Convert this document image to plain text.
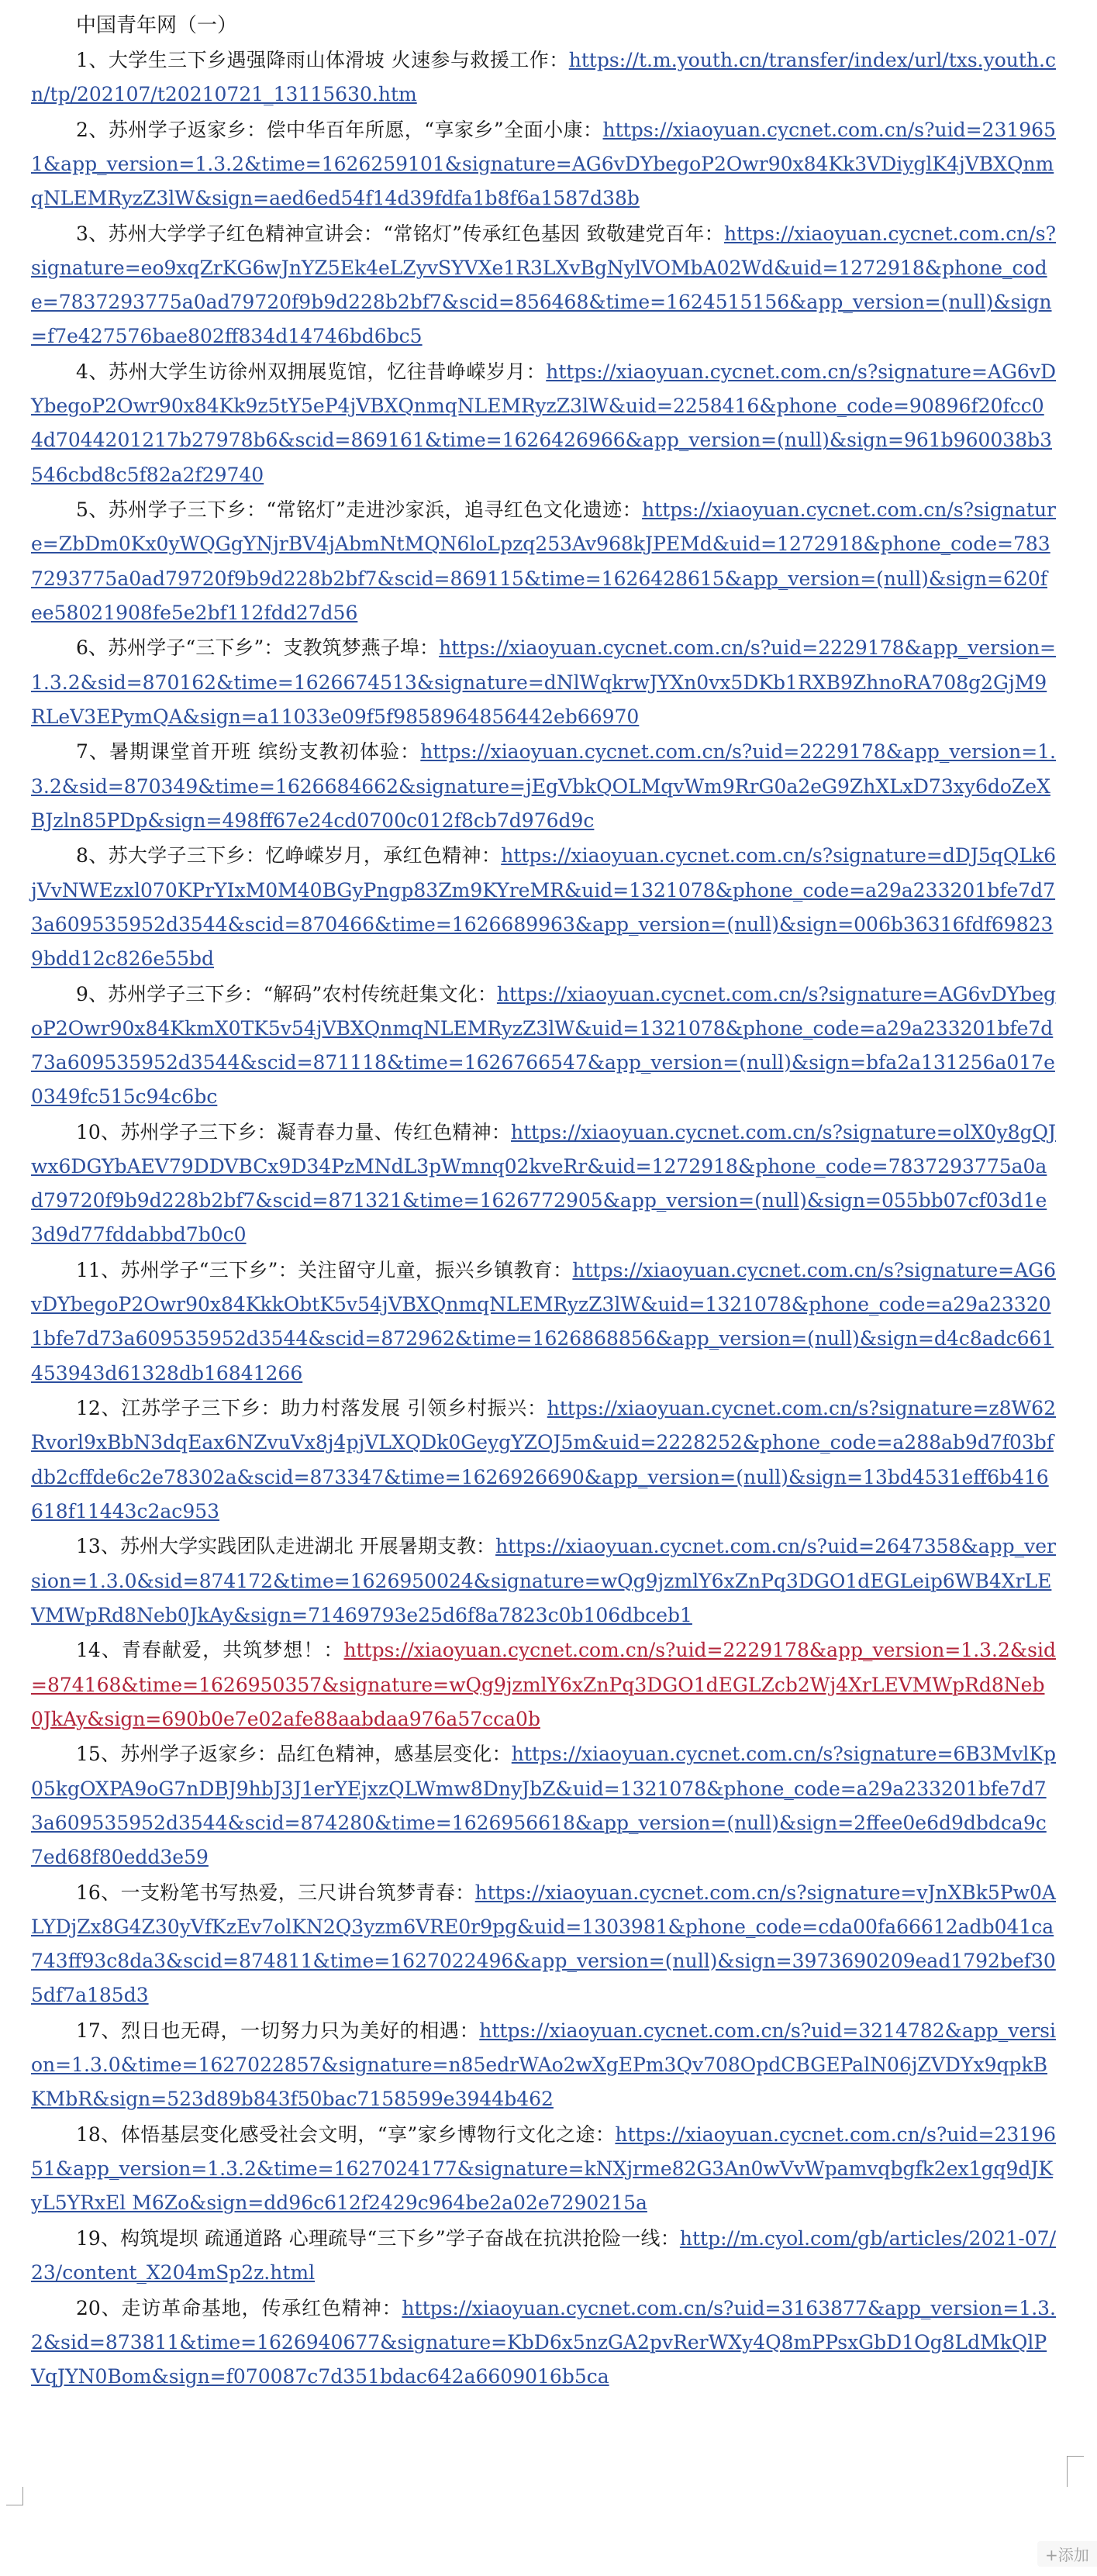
中国青年网（一）

1、大学生三下乡遇强降雨山体滑坡 火速参与救援工作：https://t.m.youth.cn/transfer/index/url/txs.youth.cn/tp/202107/t20210721_13115630.htm

2、苏州学子返家乡：偿中华百年所愿，“享家乡”全面小康：https://xiaoyuan.cycnet.com.cn/s?uid=2319651&app_version=1.3.2&time=1626259101&signature=AG6vDYbegoP2Owr90x84Kk3VDiyglK4jVBXQnmqNLEMRyzZ3lW&sign=aed6ed54f14d39fdfa1b8f6a1587d38b

3、苏州大学学子红色精神宣讲会：“常铭灯”传承红色基因 致敬建党百年：https://xiaoyuan.cycnet.com.cn/s?signature=eo9xqZrKG6wJnYZ5Ek4eLZyvSYVXe1R3LXvBgNylVOMbA02Wd&uid=1272918&phone_code=7837293775a0ad79720f9b9d228b2bf7&scid=856468&time=1624515156&app_version=(null)&sign=f7e427576bae802ff834d14746bd6bc5

4、苏州大学生访徐州双拥展览馆，忆往昔峥嵘岁月：https://xiaoyuan.cycnet.com.cn/s?signature=AG6vDYbegoP2Owr90x84Kk9z5tY5eP4jVBXQnmqNLEMRyzZ3lW&uid=2258416&phone_code=90896f20fcc04d7044201217b27978b6&scid=869161&time=1626426966&app_version=(null)&sign=961b960038b3546cbd8c5f82a2f29740

5、苏州学子三下乡：“常铭灯”走进沙家浜，追寻红色文化遗迹：https://xiaoyuan.cycnet.com.cn/s?signature=ZbDm0Kx0yWQGgYNjrBV4jAbmNtMQN6loLpzq253Av968kJPEMd&uid=1272918&phone_code=7837293775a0ad79720f9b9d228b2bf7&scid=869115&time=1626428615&app_version=(null)&sign=620fee58021908fe5e2bf112fdd27d56

6、苏州学子“三下乡”：支教筑梦燕子埠：https://xiaoyuan.cycnet.com.cn/s?uid=2229178&app_version=1.3.2&sid=870162&time=1626674513&signature=dNlWqkrwJYXn0vx5DKb1RXB9ZhnoRA708g2GjM9RLeV3EPymQA&sign=a11033e09f5f9858964856442eb66970

7、暑期课堂首开班 缤纷支教初体验：https://xiaoyuan.cycnet.com.cn/s?uid=2229178&app_version=1.3.2&sid=870349&time=1626684662&signature=jEgVbkQOLMqvWm9RrG0a2eG9ZhXLxD73xy6doZeXBJzln85PDp&sign=498ff67e24cd0700c012f8cb7d976d9c

8、苏大学子三下乡：忆峥嵘岁月，承红色精神：https://xiaoyuan.cycnet.com.cn/s?signature=dDJ5qQLk6jVvNWEzxl070KPrYIxM0M40BGyPngp83Zm9KYreMR&uid=1321078&phone_code=a29a233201bfe7d73a609535952d3544&scid=870466&time=1626689963&app_version=(null)&sign=006b36316fdf698239bdd12c826e55bd

9、苏州学子三下乡：“解码”农村传统赶集文化：https://xiaoyuan.cycnet.com.cn/s?signature=AG6vDYbegoP2Owr90x84KkmX0TK5v54jVBXQnmqNLEMRyzZ3lW&uid=1321078&phone_code=a29a233201bfe7d73a609535952d3544&scid=871118&time=1626766547&app_version=(null)&sign=bfa2a131256a017e0349fc515c94c6bc

10、苏州学子三下乡：凝青春力量、传红色精神：https://xiaoyuan.cycnet.com.cn/s?signature=olX0y8gQJwx6DGYbAEV79DDVBCx9D34PzMNdL3pWmnq02kveRr&uid=1272918&phone_code=7837293775a0ad79720f9b9d228b2bf7&scid=871321&time=1626772905&app_version=(null)&sign=055bb07cf03d1e3d9d77fddabbd7b0c0

11、苏州学子“三下乡”：关注留守儿童，振兴乡镇教育：https://xiaoyuan.cycnet.com.cn/s?signature=AG6vDYbegoP2Owr90x84KkkObtK5v54jVBXQnmqNLEMRyzZ3lW&uid=1321078&phone_code=a29a233201bfe7d73a609535952d3544&scid=872962&time=1626868856&app_version=(null)&sign=d4c8adc661453943d61328db16841266

12、江苏学子三下乡：助力村落发展 引领乡村振兴：https://xiaoyuan.cycnet.com.cn/s?signature=z8W62Rvorl9xBbN3dqEax6NZvuVx8j4pjVLXQDk0GeygYZOJ5m&uid=2228252&phone_code=a288ab9d7f03bfdb2cffde6c2e78302a&scid=873347&time=1626926690&app_version=(null)&sign=13bd4531eff6b416618f11443c2ac953

13、苏州大学实践团队走进湖北 开展暑期支教：https://xiaoyuan.cycnet.com.cn/s?uid=2647358&app_version=1.3.0&sid=874172&time=1626950024&signature=wQg9jzmlY6xZnPq3DGO1dEGLeip6WB4XrLEVMWpRd8Neb0JkAy&sign=71469793e25d6f8a7823c0b106dbceb1

14、青春献爱，共筑梦想！：https://xiaoyuan.cycnet.com.cn/s?uid=2229178&app_version=1.3.2&sid=874168&time=1626950357&signature=wQg9jzmlY6xZnPq3DGO1dEGLZcb2Wj4XrLEVMWpRd8Neb0JkAy&sign=690b0e7e02afe88aabdaa976a57cca0b

15、苏州学子返家乡：品红色精神，感基层变化：https://xiaoyuan.cycnet.com.cn/s?signature=6B3MvlKp05kgOXPA9oG7nDBJ9hbJ3J1erYEjxzQLWmw8DnyJbZ&uid=1321078&phone_code=a29a233201bfe7d73a609535952d3544&scid=874280&time=1626956618&app_version=(null)&sign=2ffee0e6d9dbdca9c7ed68f80edd3e59

16、一支粉笔书写热爱，三尺讲台筑梦青春：https://xiaoyuan.cycnet.com.cn/s?signature=vJnXBk5Pw0ALYDjZx8G4Z30yVfKzEv7olKN2Q3yzm6VRE0r9pg&uid=1303981&phone_code=cda00fa66612adb041ca743ff93c8da3&scid=874811&time=1627022496&app_version=(null)&sign=3973690209ead1792bef305df7a185d3

17、烈日也无碍，一切努力只为美好的相遇：https://xiaoyuan.cycnet.com.cn/s?uid=3214782&app_version=1.3.0&time=1627022857&signature=n85edrWAo2wXgEPm3Qv708OpdCBGEPalN06jZVDYx9qpkBKMbR&sign=523d89b843f50bac7158599e3944b462

18、体悟基层变化感受社会文明，“享”家乡博物行文化之途：https://xiaoyuan.cycnet.com.cn/s?uid=2319651&app_version=1.3.2&time=1627024177&signature=kNXjrme82G3An0wVvWpamvqbgfk2ex1gq9dJKyL5YRxEl M6Zo&sign=dd96c612f2429c964be2a02e7290215a

19、构筑堤坝 疏通道路 心理疏导“三下乡”学子奋战在抗洪抢险一线：http://m.cyol.com/gb/articles/2021-07/23/content_X204mSp2z.html

20、走访革命基地，传承红色精神：https://xiaoyuan.cycnet.com.cn/s?uid=3163877&app_version=1.3.2&sid=873811&time=1626940677&signature=KbD6x5nzGA2pvRerWXy4Q8mPPsxGbD1Og8LdMkQlPVqJYN0Bom&sign=f070087c7d351bdac642a6609016b5ca

+添加
